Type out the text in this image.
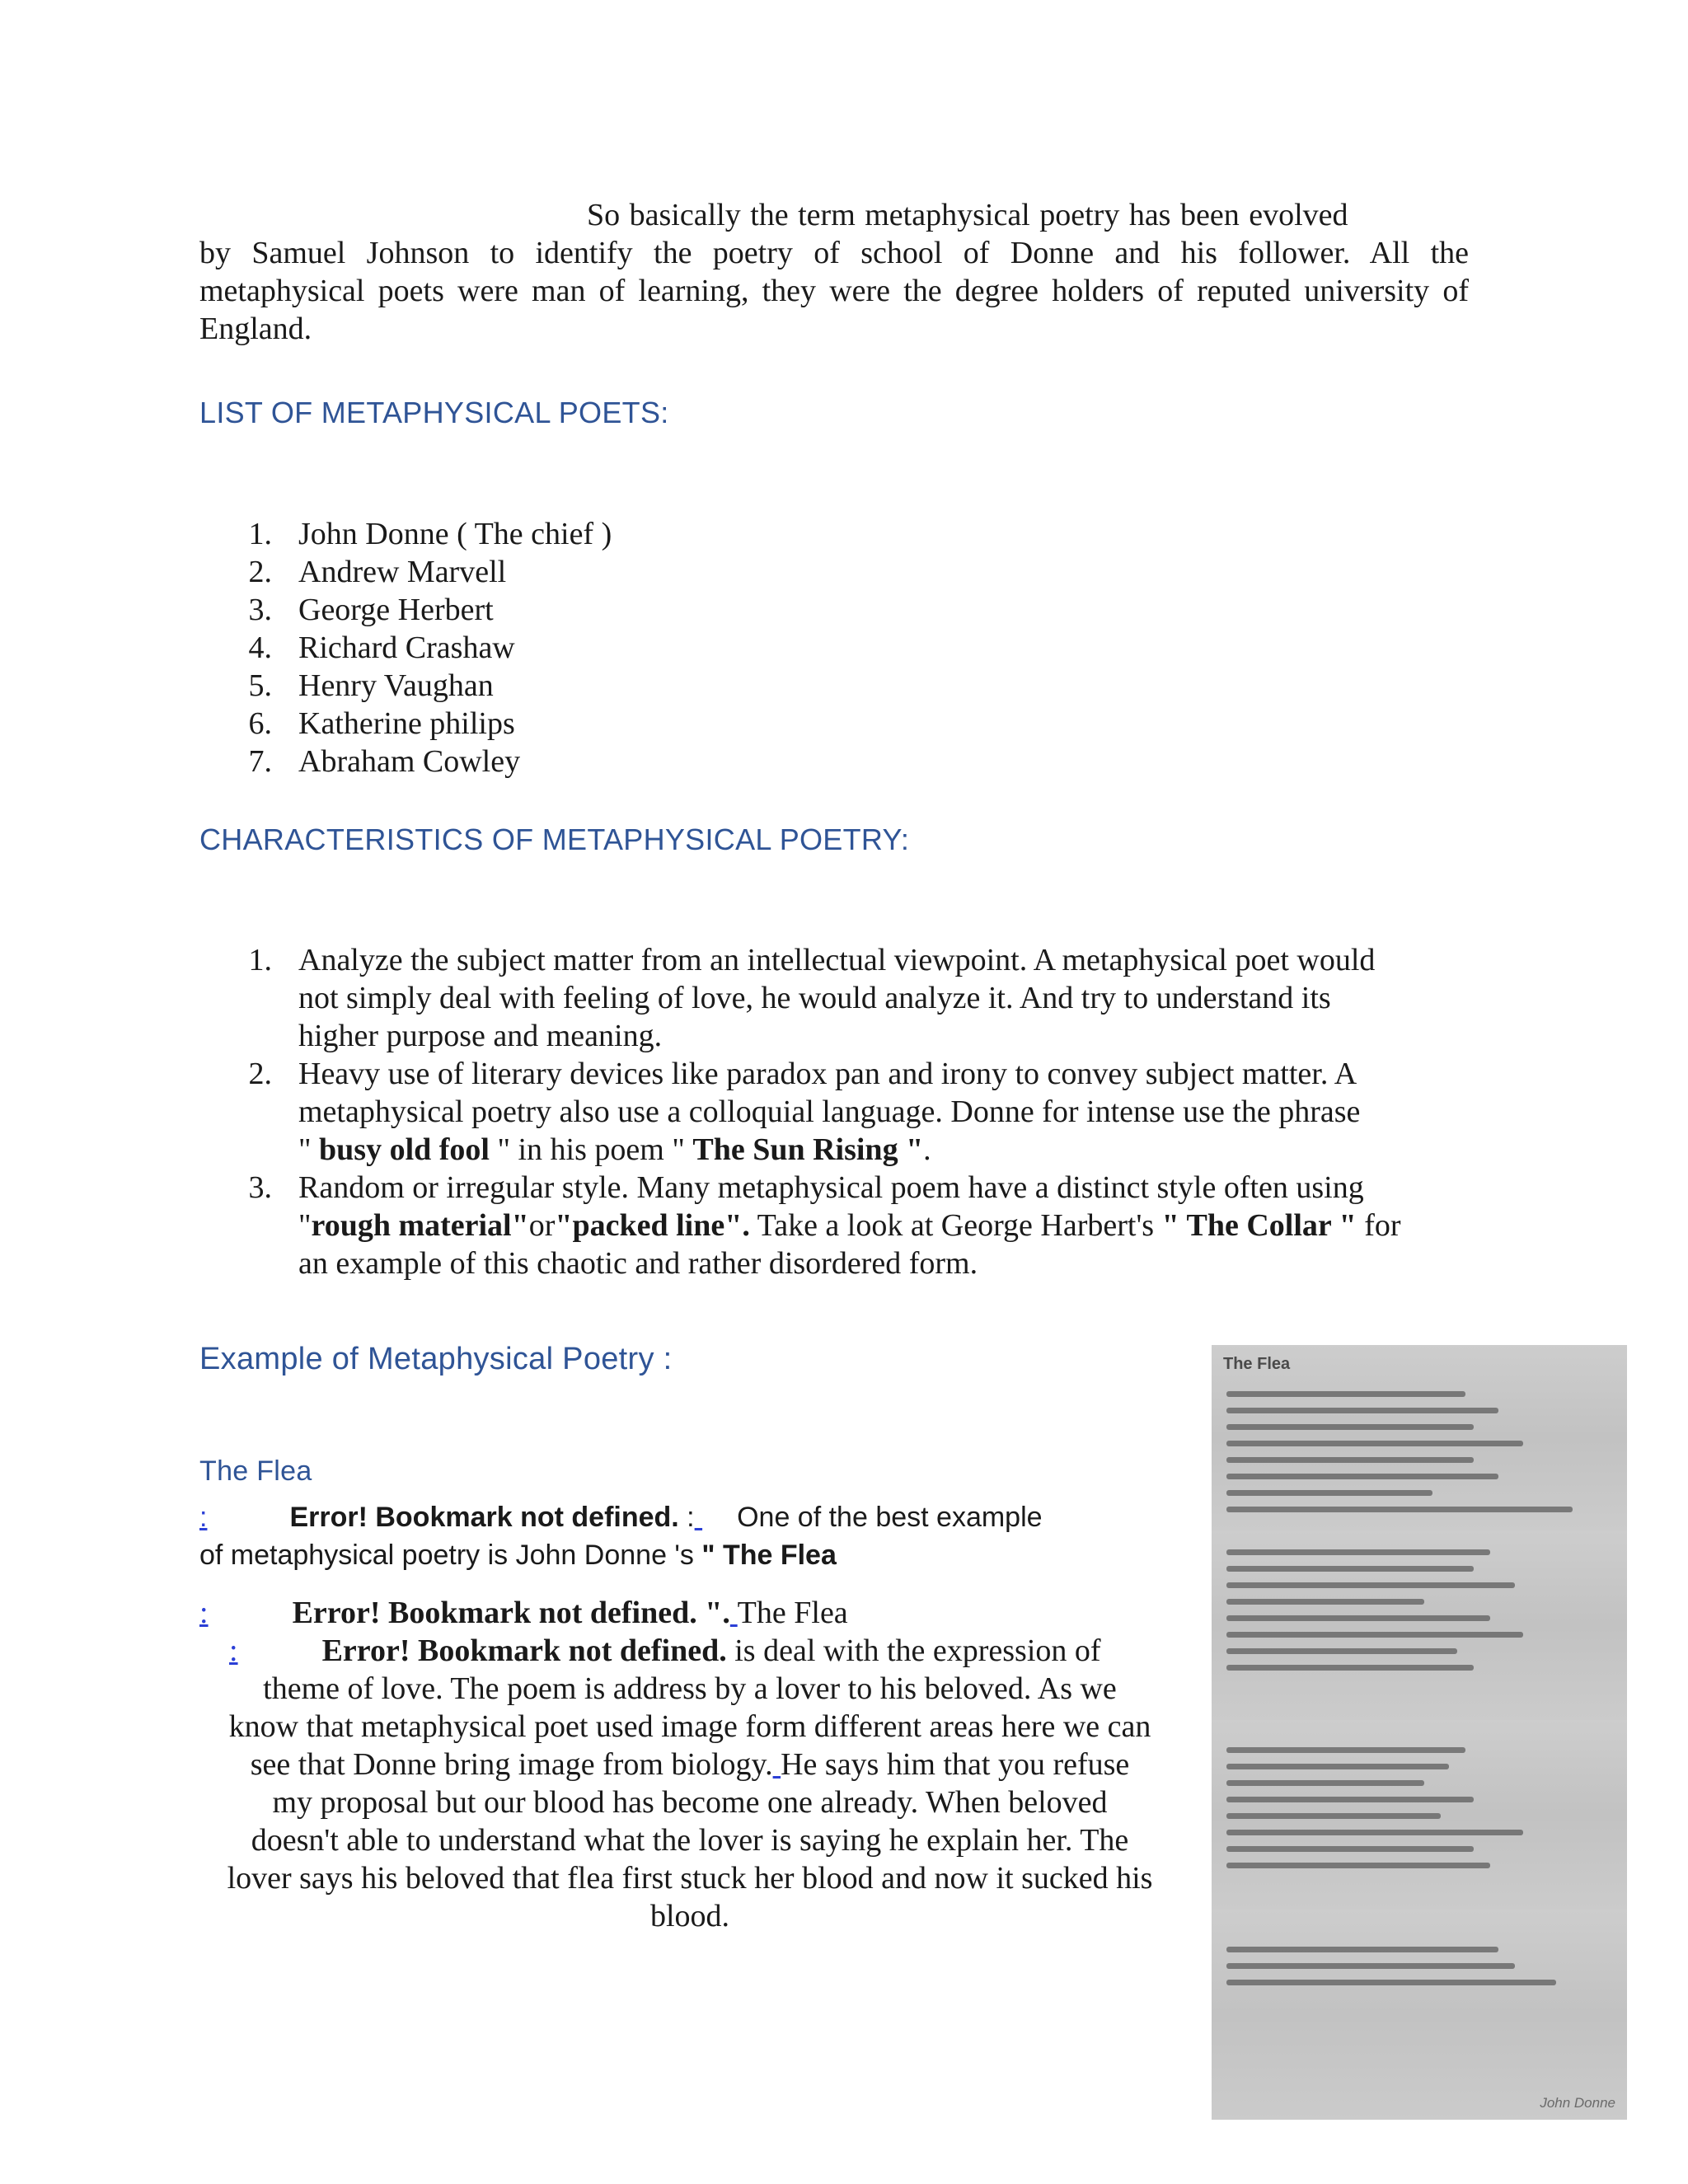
So basically the term metaphysical poetry has been evolved
by Samuel Johnson to identify the poetry of school of Donne and his follower. All the
metaphysical poets were man of learning, they were the degree holders of reputed university of
England.
LIST OF METAPHYSICAL POETS:
1. John Donne ( The chief )
2. Andrew Marvell
3. George Herbert
4. Richard Crashaw
5. Henry Vaughan
6. Katherine philips
7. Abraham Cowley
CHARACTERISTICS OF METAPHYSICAL POETRY:
1. Analyze the subject matter from an intellectual viewpoint. A metaphysical poet would
not simply deal with feeling of love, he would analyze it. And try to understand its
higher purpose and meaning.
2. Heavy use of literary devices like paradox pan and irony to convey subject matter. A
metaphysical poetry also use a colloquial language. Donne for intense use the phrase
" busy old fool " in his poem " The Sun Rising ".
3. Random or irregular style. Many metaphysical poem have a distinct style often using
"rough material"or"packed line". Take a look at George Harbert's " The Collar " for
an example of this chaotic and rather disordered form.
Example of Metaphysical Poetry :
The Flea
:	Error! Bookmark not defined. : One of the best example
of metaphysical poetry is John Donne 's " The Flea
:	Error! Bookmark not defined. ". The Flea
:	Error! Bookmark not defined. is deal with the expression of
theme of love. The poem is address by a lover to his beloved. As we
know that metaphysical poet used image form different areas here we can
see that Donne bring image from biology. He says him that you refuse
my proposal but our blood has become one already. When beloved
doesn't able to understand what the lover is saying he explain her. The
lover says his beloved that flea first stuck her blood and now it sucked his
blood.
The Flea
John Donne
